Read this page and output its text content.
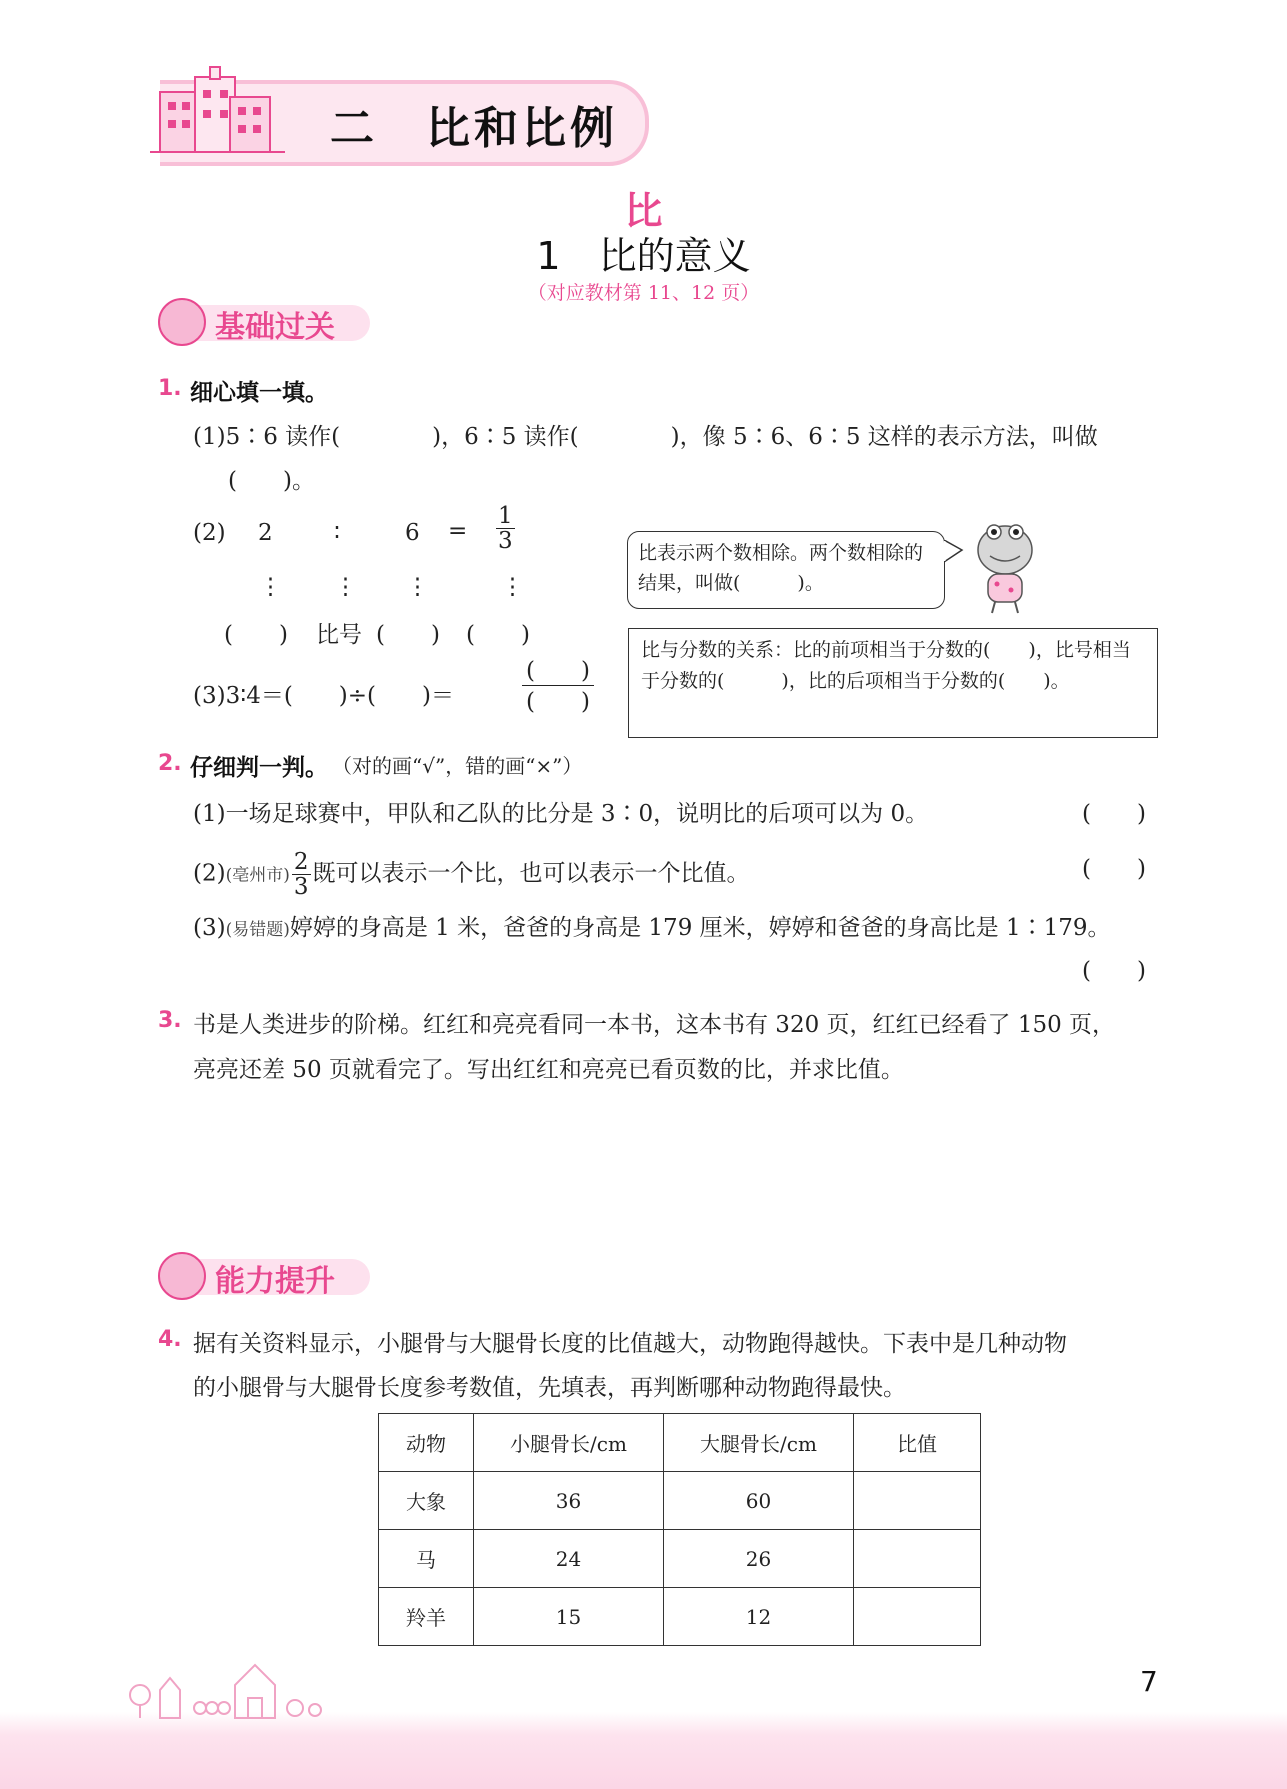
二　比和比例
比
1　比的意义
（对应教材第 11、12 页）
基础过关
1. 细心填一填。
(1)5∶6 读作(　　　　)，6∶5 读作(　　　　)，像 5∶6、6∶5 这样的表示方法，叫做
(　　)。
(2) 2	∶	$6 = \frac{1}{3}$
⋮ ⋮ ⋮	⋮
(　　) 比号 (　　) (　　)
(3)3∶4＝(　　)÷(　　)＝	$\frac{( )}{( )}$
比表示两个数相除。两个数相除的结果，叫做(　　　)。
比与分数的关系：比的前项相当于分数的(　　)，比号相当于分数的(　　　)，比的后项相当于分数的(　　)。
2. 仔细判一判。 （对的画“√”，错的画“×”）
(1)一场足球赛中，甲队和乙队的比分是 3∶0，说明比的后项可以为 0。	(　　)
(2)(亳州市) $\frac{2}{3}$ 既可以表示一个比，也可以表示一个比值。	(　　)
(3)(易错题)婷婷的身高是 1 米，爸爸的身高是 179 厘米，婷婷和爸爸的身高比是 1∶179。
(　　)
3. 书是人类进步的阶梯。红红和亮亮看同一本书，这本书有 320 页，红红已经看了 150 页，
亮亮还差 50 页就看完了。写出红红和亮亮已看页数的比，并求比值。
能力提升
4. 据有关资料显示，小腿骨与大腿骨长度的比值越大，动物跑得越快。下表中是几种动物
的小腿骨与大腿骨长度参考数值，先填表，再判断哪种动物跑得最快。
动物	小腿骨长/cm	大腿骨长/cm	比值
大象	36	60	
马	24	26	
羚羊	15	12	
7
